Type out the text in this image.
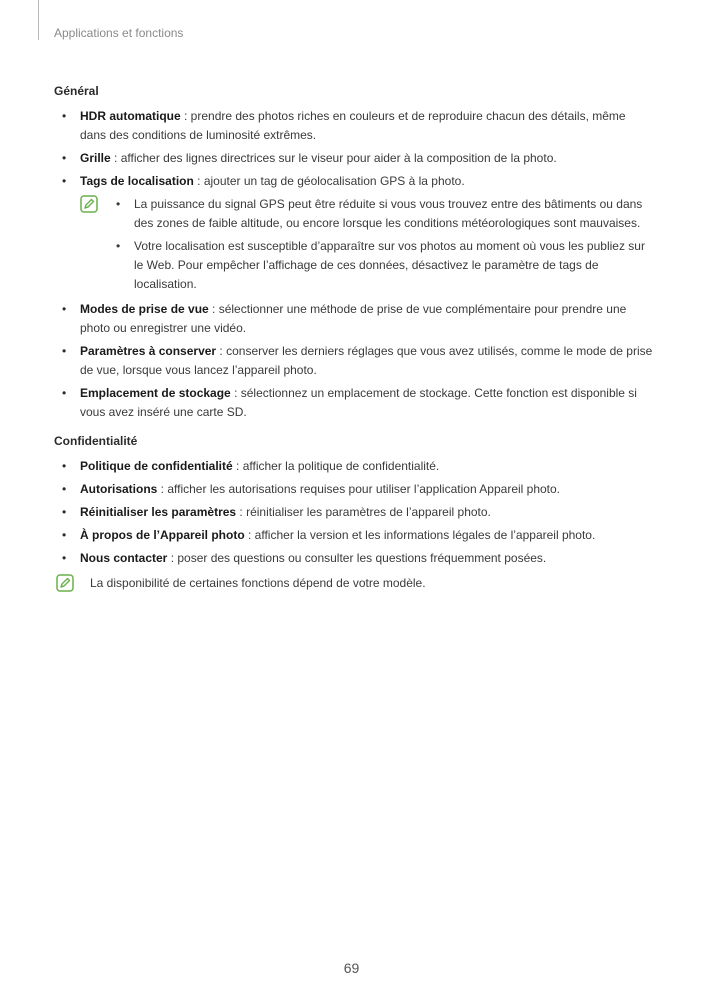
Applications et fonctions
Général
• HDR automatique : prendre des photos riches en couleurs et de reproduire chacun des détails, même dans des conditions de luminosité extrêmes.
• Grille : afficher des lignes directrices sur le viseur pour aider à la composition de la photo.
• Tags de localisation : ajouter un tag de géolocalisation GPS à la photo.
• La puissance du signal GPS peut être réduite si vous vous trouvez entre des bâtiments ou dans des zones de faible altitude, ou encore lorsque les conditions météorologiques sont mauvaises.
• Votre localisation est susceptible d’apparaître sur vos photos au moment où vous les publiez sur le Web. Pour empêcher l’affichage de ces données, désactivez le paramètre de tags de localisation.
• Modes de prise de vue : sélectionner une méthode de prise de vue complémentaire pour prendre une photo ou enregistrer une vidéo.
• Paramètres à conserver : conserver les derniers réglages que vous avez utilisés, comme le mode de prise de vue, lorsque vous lancez l’appareil photo.
• Emplacement de stockage : sélectionnez un emplacement de stockage. Cette fonction est disponible si vous avez inséré une carte SD.
Confidentialité
• Politique de confidentialité : afficher la politique de confidentialité.
• Autorisations : afficher les autorisations requises pour utiliser l’application Appareil photo.
• Réinitialiser les paramètres : réinitialiser les paramètres de l’appareil photo.
• À propos de l’Appareil photo : afficher la version et les informations légales de l’appareil photo.
• Nous contacter : poser des questions ou consulter les questions fréquemment posées.
La disponibilité de certaines fonctions dépend de votre modèle.
69
